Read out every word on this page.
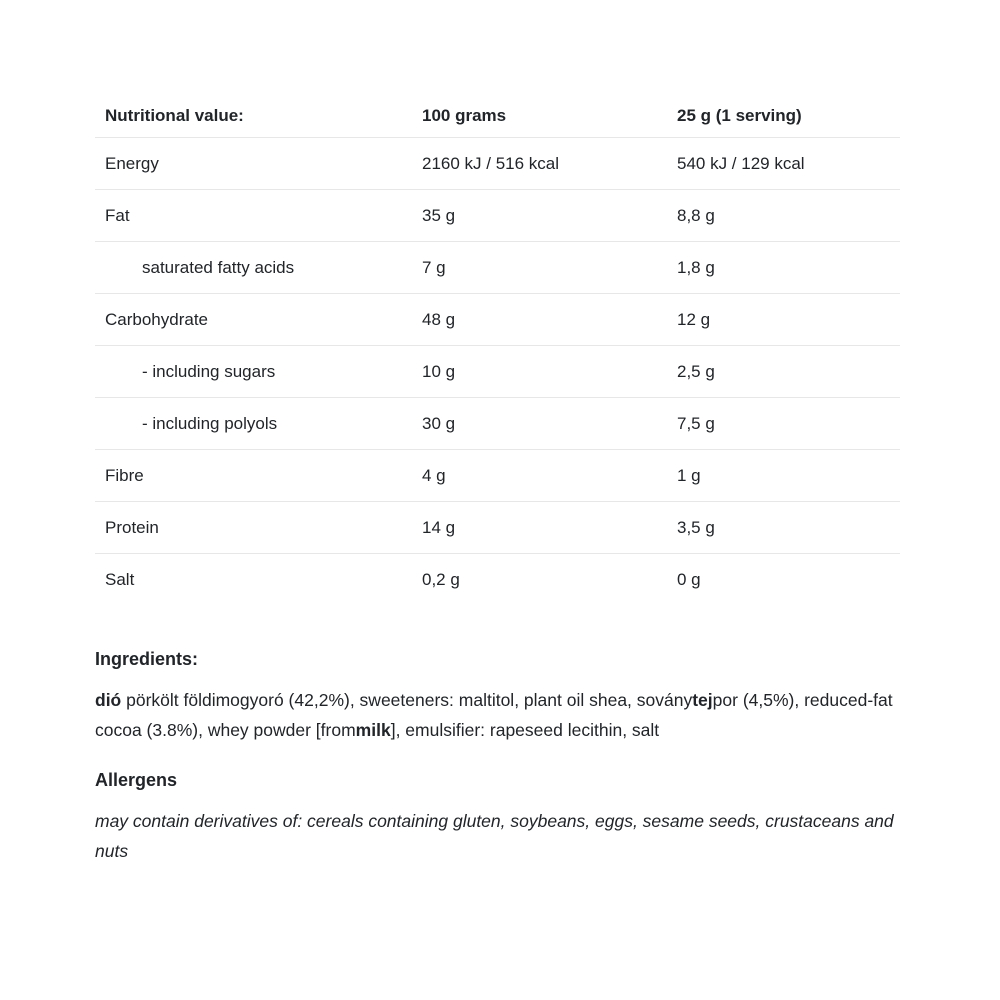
Nutritional value:	100 grams	25 g (1 serving)
Energy	2160 kJ / 516 kcal	540 kJ / 129 kcal
Fat	35 g	8,8 g
saturated fatty acids	7 g	1,8 g
Carbohydrate	48 g	12 g
- including sugars	10 g	2,5 g
- including polyols	30 g	7,5 g
Fibre	4 g	1 g
Protein	14 g	3,5 g
Salt	0,2 g	0 g
Ingredients:

dió pörkölt földimogyoró (42,2%), sweeteners: maltitol, plant oil shea, soványtejpor (4,5%), reduced-fat cocoa (3.8%), whey powder [frommilk], emulsifier: rapeseed lecithin, salt

Allergens

may contain derivatives of: cereals containing gluten, soybeans, eggs, sesame seeds, crustaceans and nuts
